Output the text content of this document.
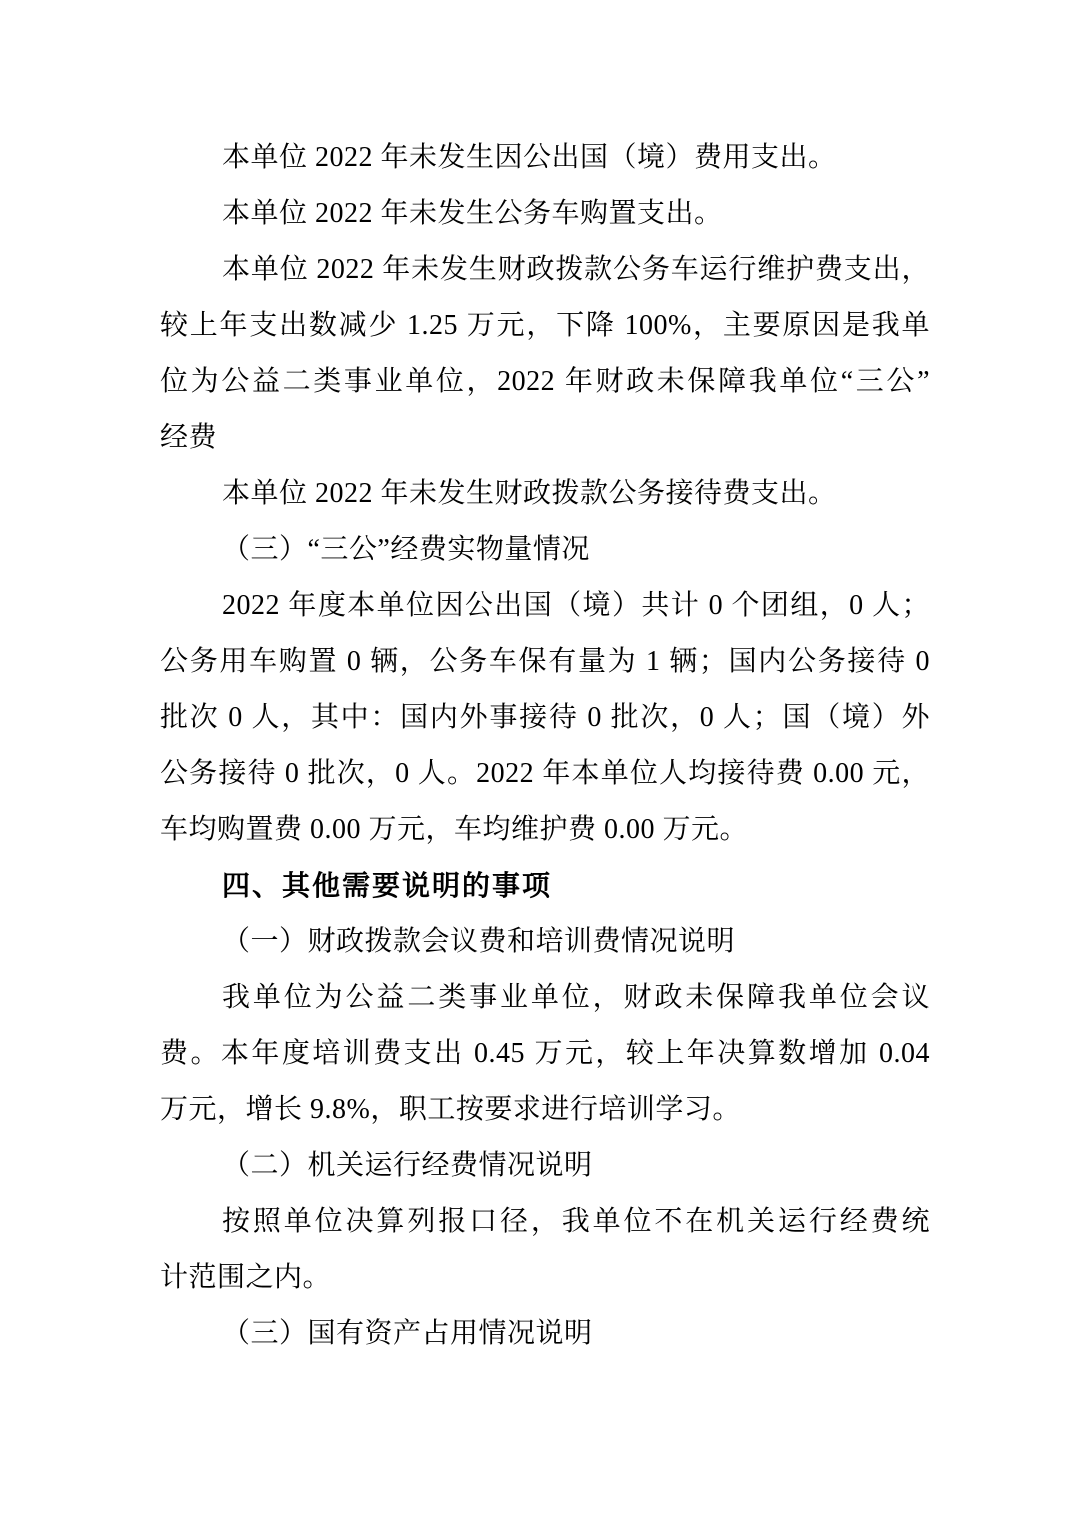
本单位 2022 年未发生因公出国（境）费用支出。
本单位 2022 年未发生公务车购置支出。
本单位 2022 年未发生财政拨款公务车运行维护费支出，
较上年支出数减少 1.25 万元，下降 100%，主要原因是我单
位为公益二类事业单位，2022 年财政未保障我单位“三公”
经费
本单位 2022 年未发生财政拨款公务接待费支出。
（三）“三公”经费实物量情况
2022 年度本单位因公出国（境）共计 0 个团组，0 人；
公务用车购置 0 辆，公务车保有量为 1 辆；国内公务接待 0
批次 0 人，其中：国内外事接待 0 批次，0 人；国（境）外
公务接待 0 批次，0 人。2022 年本单位人均接待费 0.00 元，
车均购置费 0.00 万元，车均维护费 0.00 万元。
四、其他需要说明的事项
（一）财政拨款会议费和培训费情况说明
我单位为公益二类事业单位，财政未保障我单位会议
费。本年度培训费支出 0.45 万元，较上年决算数增加 0.04
万元，增长 9.8%，职工按要求进行培训学习。
（二）机关运行经费情况说明
按照单位决算列报口径，我单位不在机关运行经费统
计范围之内。
（三）国有资产占用情况说明
